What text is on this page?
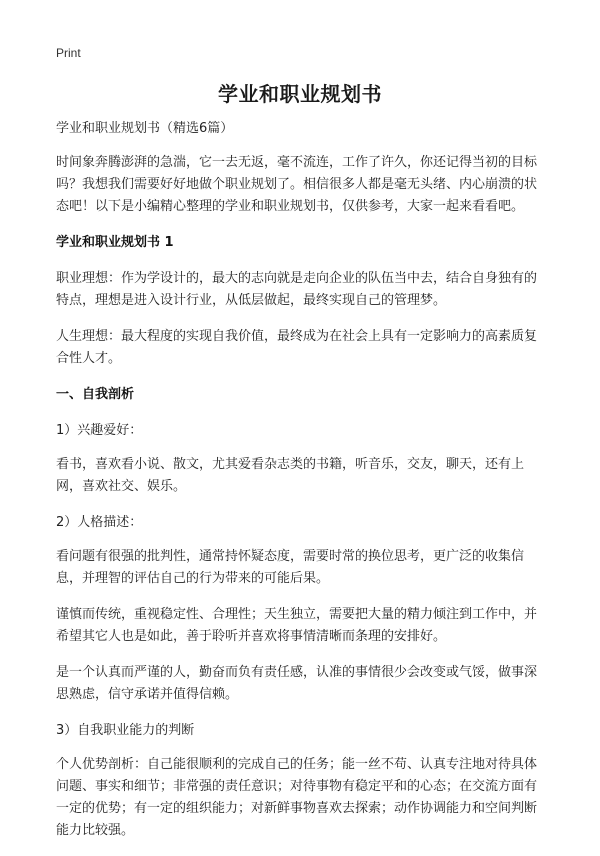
Print
学业和职业规划书

学业和职业规划书（精选6篇）

时间象奔腾澎湃的急湍，它一去无返，毫不流连，工作了许久，你还记得当初的目标吗？我想我们需要好好地做个职业规划了。相信很多人都是毫无头绪、内心崩溃的状态吧！以下是小编精心整理的学业和职业规划书，仅供参考，大家一起来看看吧。

学业和职业规划书 1

职业理想：作为学设计的，最大的志向就是走向企业的队伍当中去，结合自身独有的特点，理想是进入设计行业，从低层做起，最终实现自己的管理梦。

人生理想：最大程度的实现自我价值，最终成为在社会上具有一定影响力的高素质复合性人才。

一、自我剖析

1）兴趣爱好：

看书，喜欢看小说、散文，尤其爱看杂志类的书籍，听音乐，交友，聊天，还有上网，喜欢社交、娱乐。

2）人格描述：

看问题有很强的批判性，通常持怀疑态度，需要时常的换位思考，更广泛的收集信息，并理智的评估自己的行为带来的可能后果。

谨慎而传统，重视稳定性、合理性；天生独立，需要把大量的精力倾注到工作中，并希望其它人也是如此，善于聆听并喜欢将事情清晰而条理的安排好。

是一个认真而严谨的人，勤奋而负有责任感，认准的事情很少会改变或气馁，做事深思熟虑，信守承诺并值得信赖。

3）自我职业能力的判断

个人优势剖析：自己能很顺利的完成自己的任务；能一丝不苟、认真专注地对待具体问题、事实和细节；非常强的责任意识；对待事物有稳定平和的心态；在交流方面有一定的优势；有一定的组织能力；对新鲜事物喜欢去探索；动作协调能力和空间判断能力比较强。
